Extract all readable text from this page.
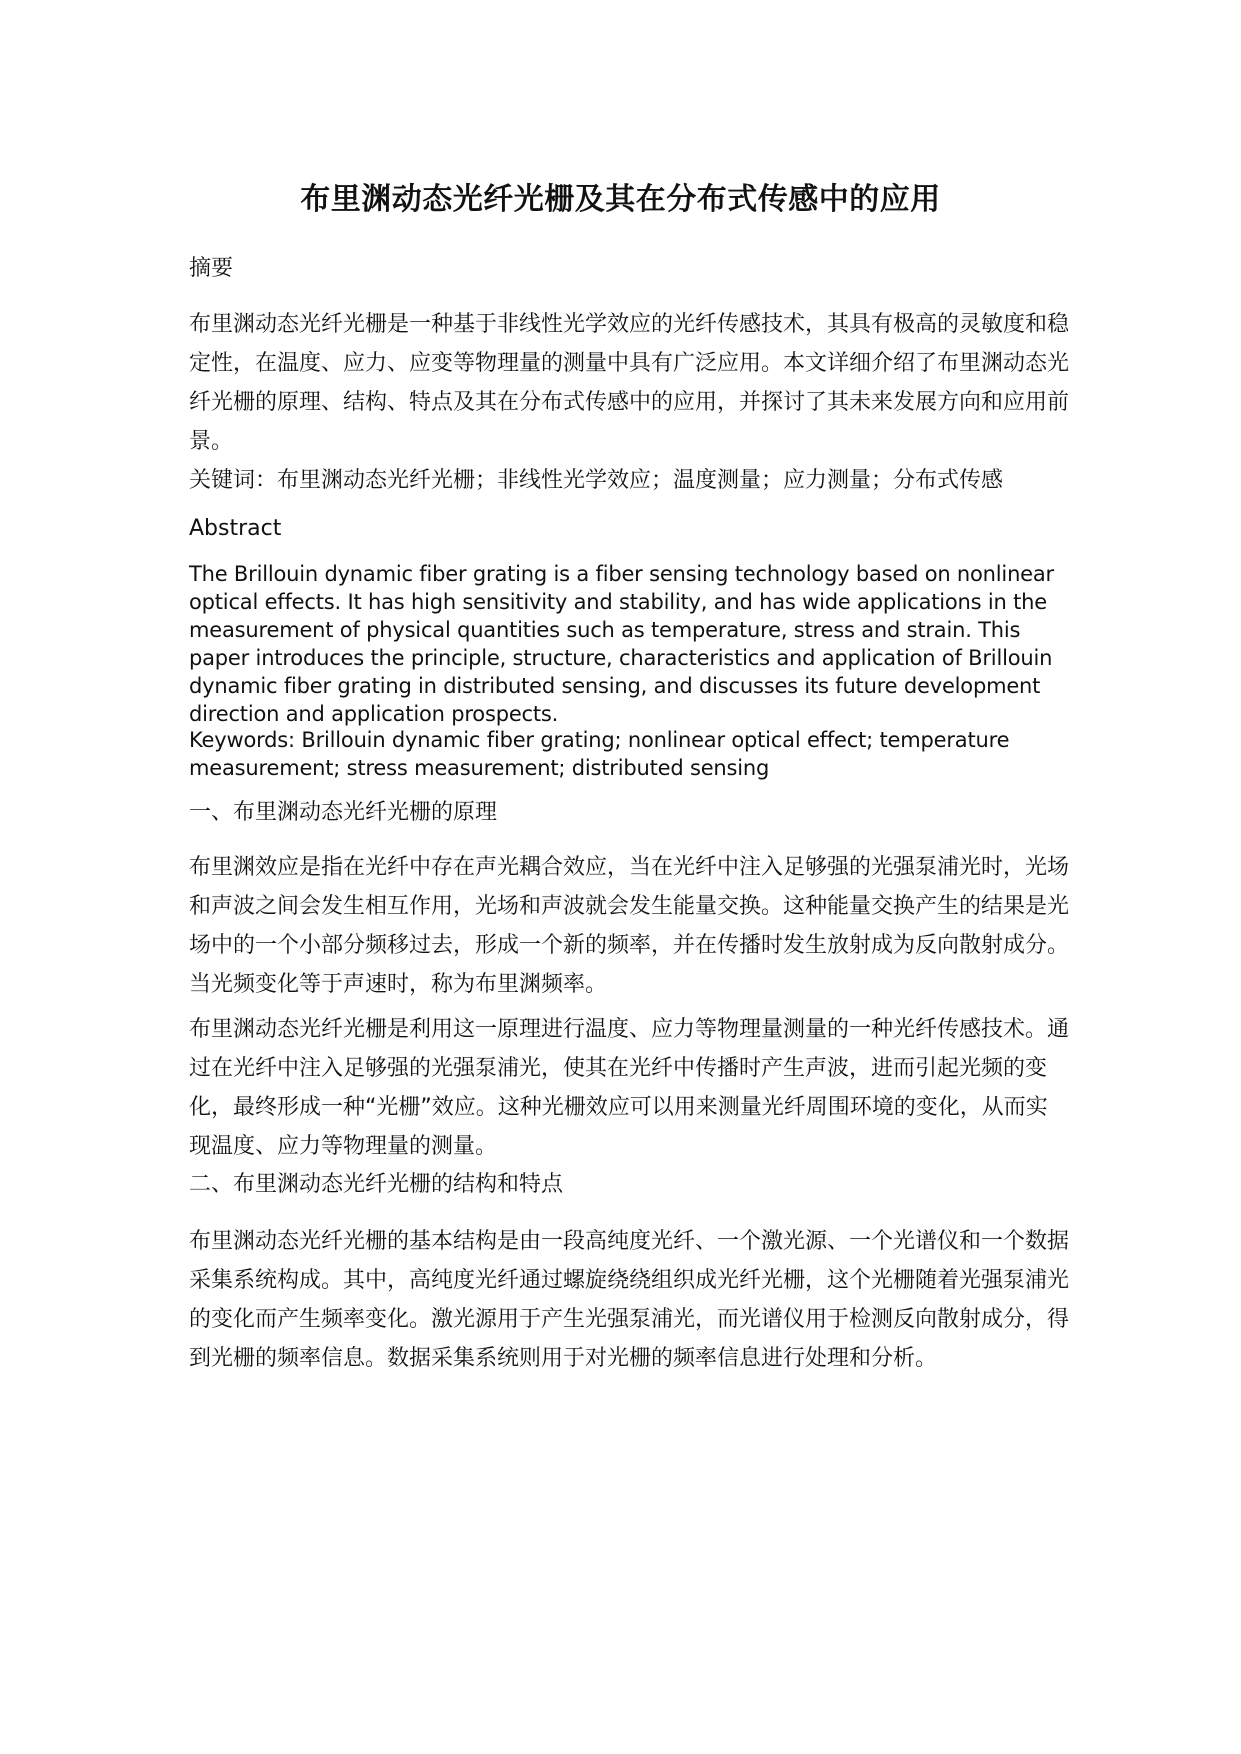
布里渊动态光纤光栅及其在分布式传感中的应用

摘要

布里渊动态光纤光栅是一种基于非线性光学效应的光纤传感技术，其具有极高的灵敏度和稳定性，在温度、应力、应变等物理量的测量中具有广泛应用。本文详细介绍了布里渊动态光纤光栅的原理、结构、特点及其在分布式传感中的应用，并探讨了其未来发展方向和应用前景。

关键词：布里渊动态光纤光栅；非线性光学效应；温度测量；应力测量；分布式传感

Abstract

The Brillouin dynamic fiber grating is a fiber sensing technology based on nonlinear optical effects. It has high sensitivity and stability, and has wide applications in the measurement of physical quantities such as temperature, stress and strain. This paper introduces the principle, structure, characteristics and application of Brillouin dynamic fiber grating in distributed sensing, and discusses its future development direction and application prospects.

Keywords: Brillouin dynamic fiber grating; nonlinear optical effect; temperature measurement; stress measurement; distributed sensing

一、布里渊动态光纤光栅的原理

布里渊效应是指在光纤中存在声光耦合效应，当在光纤中注入足够强的光强泵浦光时，光场和声波之间会发生相互作用，光场和声波就会发生能量交换。这种能量交换产生的结果是光场中的一个小部分频移过去，形成一个新的频率，并在传播时发生放射成为反向散射成分。当光频变化等于声速时，称为布里渊频率。

布里渊动态光纤光栅是利用这一原理进行温度、应力等物理量测量的一种光纤传感技术。通过在光纤中注入足够强的光强泵浦光，使其在光纤中传播时产生声波，进而引起光频的变化，最终形成一种“光栅”效应。这种光栅效应可以用来测量光纤周围环境的变化，从而实现温度、应力等物理量的测量。

二、布里渊动态光纤光栅的结构和特点

布里渊动态光纤光栅的基本结构是由一段高纯度光纤、一个激光源、一个光谱仪和一个数据采集系统构成。其中，高纯度光纤通过螺旋绕绕组织成光纤光栅，这个光栅随着光强泵浦光的变化而产生频率变化。激光源用于产生光强泵浦光，而光谱仪用于检测反向散射成分，得到光栅的频率信息。数据采集系统则用于对光栅的频率信息进行处理和分析。
